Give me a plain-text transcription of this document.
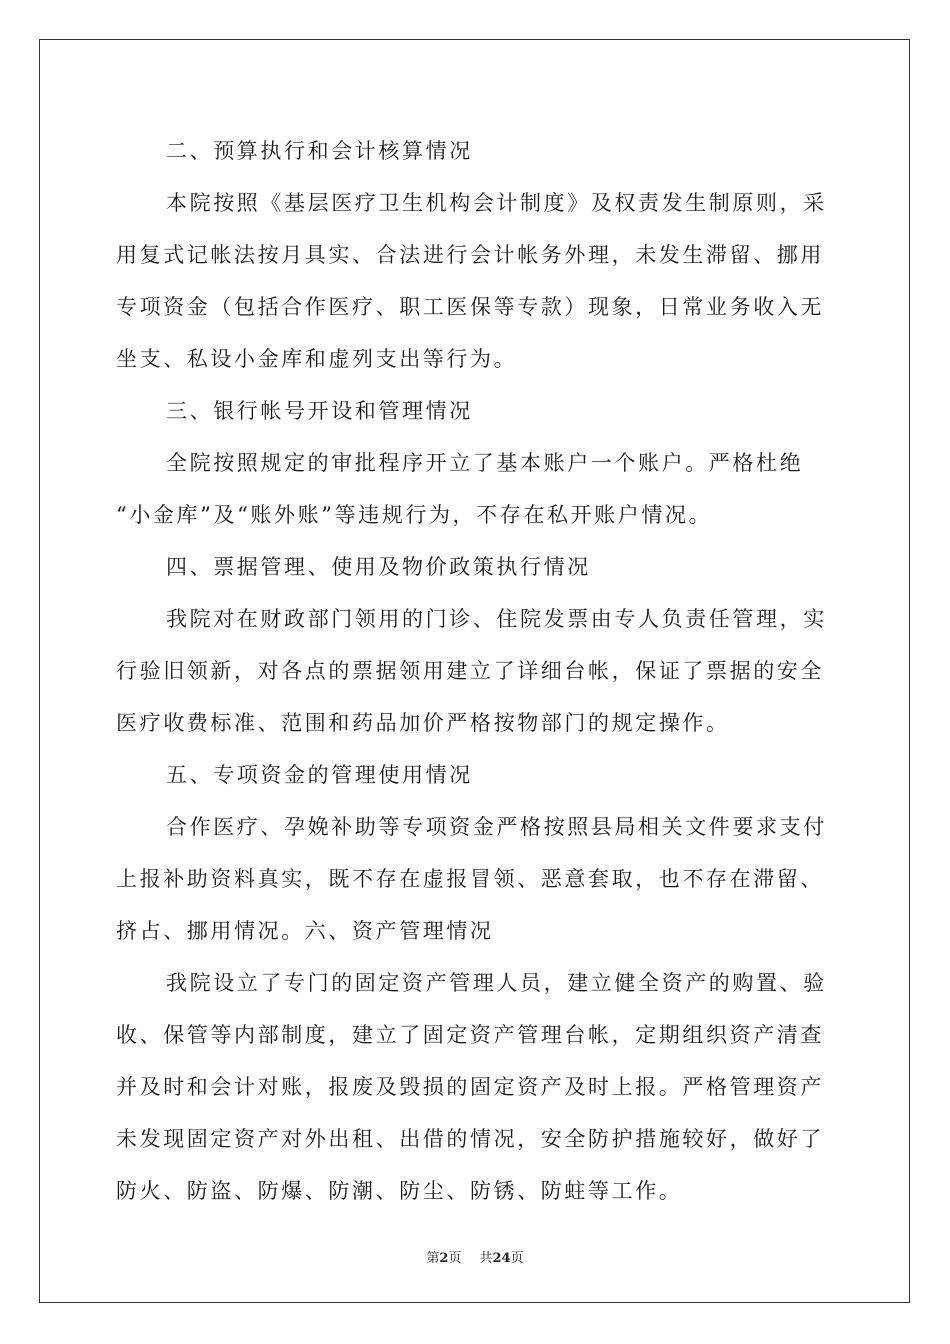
二、预算执行和会计核算情况
本院按照《基层医疗卫生机构会计制度》及权责发生制原则，采
用复式记帐法按月具实、合法进行会计帐务外理，未发生滞留、挪用
专项资金（包括合作医疗、职工医保等专款）现象，日常业务收入无
坐支、私设小金库和虚列支出等行为。
三、银行帐号开设和管理情况
全院按照规定的审批程序开立了基本账户一个账户。严格杜绝
“小金库”及“账外账”等违规行为，不存在私开账户情况。
四、票据管理、使用及物价政策执行情况
我院对在财政部门领用的门诊、住院发票由专人负责任管理，实
行验旧领新，对各点的票据领用建立了详细台帐，保证了票据的安全
医疗收费标准、范围和药品加价严格按物部门的规定操作。
五、专项资金的管理使用情况
合作医疗、孕娩补助等专项资金严格按照县局相关文件要求支付
上报补助资料真实，既不存在虚报冒领、恶意套取，也不存在滞留、
挤占、挪用情况。六、资产管理情况
我院设立了专门的固定资产管理人员，建立健全资产的购置、验
收、保管等内部制度，建立了固定资产管理台帐，定期组织资产清查
并及时和会计对账，报废及毁损的固定资产及时上报。严格管理资产
未发现固定资产对外出租、出借的情况，安全防护措施较好，做好了
防火、防盗、防爆、防潮、防尘、防锈、防蛀等工作。
第2页 共24页
